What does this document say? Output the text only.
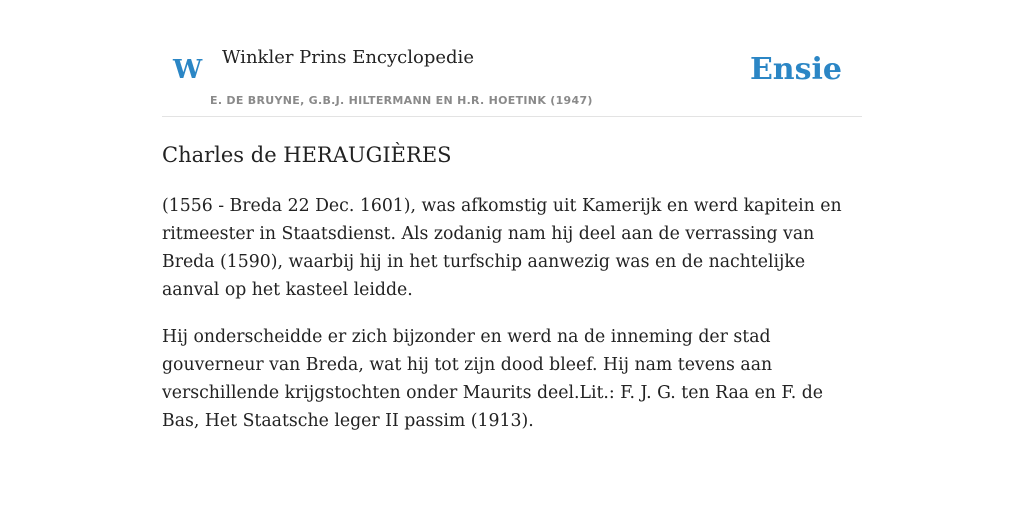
W Winkler Prins Encyclopedie
E. DE BRUYNE, G.B.J. HILTERMANN EN H.R. HOETINK (1947)
Ensie
Charles de HERAUGIÈRES

(1556 - Breda 22 Dec. 1601), was afkomstig uit Kamerijk en werd kapitein en ritmeester in Staatsdienst. Als zodanig nam hij deel aan de verrassing van Breda (1590), waarbij hij in het turfschip aanwezig was en de nachtelijke aanval op het kasteel leidde.

Hij onderscheidde er zich bijzonder en werd na de inneming der stad gouverneur van Breda, wat hij tot zijn dood bleef. Hij nam tevens aan verschillende krijgstochten onder Maurits deel.Lit.: F. J. G. ten Raa en F. de Bas, Het Staatsche leger II passim (1913).
